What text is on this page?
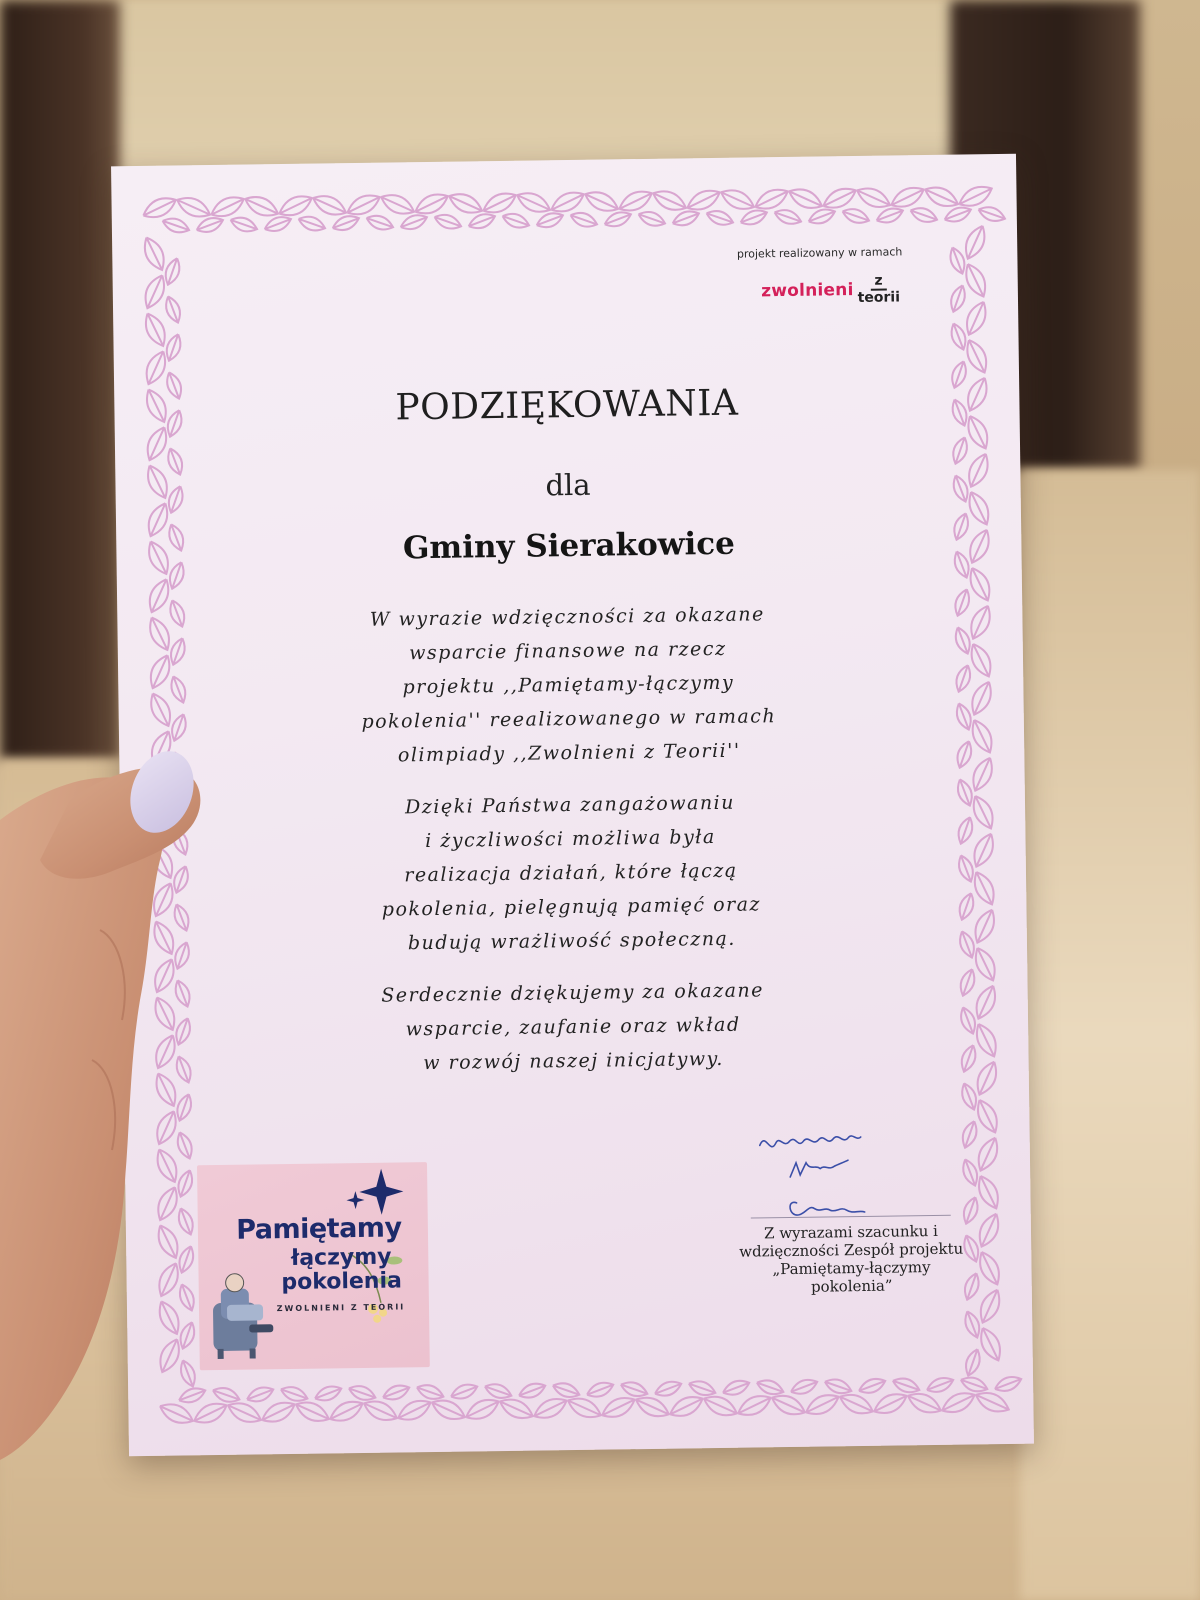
projekt realizowany w ramach
zwolnieni $\frac{z}{\text{teorii}}$
PODZIĘKOWANIA
dla
Gminy Sierakowice
W wyrazie wdzięczności za okazane
wsparcie finansowe na rzecz
projektu ,,Pamiętamy-łączymy
pokolenia'' reealizowanego w ramach
olimpiady ,,Zwolnieni z Teorii''
Dzięki Państwa zangażowaniu
i życzliwości możliwa była
realizacja działań, które łączą
pokolenia, pielęgnują pamięć oraz
budują wrażliwość społeczną.
Serdecznie dziękujemy za okazane
wsparcie, zaufanie oraz wkład
w rozwój naszej inicjatywy.
Z wyrazami szacunku i
wdzięczności Zespół projektu
„Pamiętamy-łączymy
pokolenia”
Pamiętamy
łączymy
pokolenia
ZWOLNIENI Z TEORII
